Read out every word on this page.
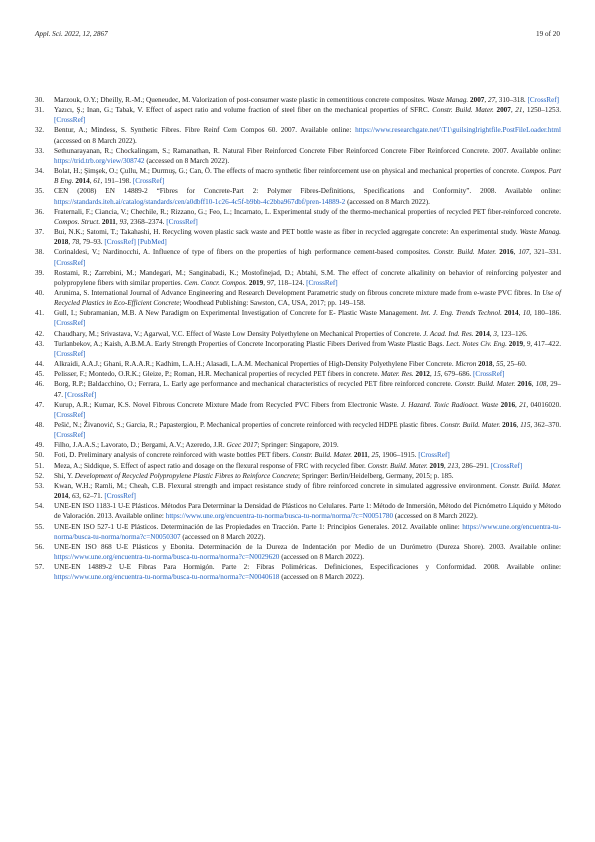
Appl. Sci. 2022, 12, 2867	19 of 20
30. Marzouk, O.Y.; Dheilly, R.-M.; Queneudec, M. Valorization of post-consumer waste plastic in cementitious concrete composites. Waste Manag. 2007, 27, 310–318. [CrossRef]
31. Yazıcı, Ş.; Inan, G.; Tabak, V. Effect of aspect ratio and volume fraction of steel fiber on the mechanical properties of SFRC. Constr. Build. Mater. 2007, 21, 1250–1253. [CrossRef]
32. Bentur, A.; Mindess, S. Synthetic Fibres. Fibre Reinf Cem Compos 60. 2007. Available online: https://www.researchgate.net/\T1\guilsinglrightfile.PostFileLoader.html (accessed on 8 March 2022).
33. Sethunarayanan, R.; Chockalingam, S.; Ramanathan, R. Natural Fiber Reinforced Concrete Fiber Reinforced Concrete Fiber Reinforced Concrete. 2007. Available online: https://trid.trb.org/view/308742 (accessed on 8 March 2022).
34. Bolat, H.; Şimşek, O.; Çullu, M.; Durmuş, G.; Can, Ö. The effects of macro synthetic fiber reinforcement use on physical and mechanical properties of concrete. Compos. Part B Eng. 2014, 61, 191–198. [CrossRef]
35. CEN (2008) EN 14889-2 “Fibres for Concrete-Part 2: Polymer Fibres-Definitions, Specifications and Conformity”. 2008. Available online: https://standards.iteh.ai/catalog/standards/cen/a0dbff10-1c26-4c5f-b9bb-4c2bba967dbf/pren-14889-2 (accessed on 8 March 2022).
36. Fraternali, F.; Ciancia, V.; Chechile, R.; Rizzano, G.; Feo, L.; Incarnato, L. Experimental study of the thermo-mechanical properties of recycled PET fiber-reinforced concrete. Compos. Struct. 2011, 93, 2368–2374. [CrossRef]
37. Bui, N.K.; Satomi, T.; Takahashi, H. Recycling woven plastic sack waste and PET bottle waste as fiber in recycled aggregate concrete: An experimental study. Waste Manag. 2018, 78, 79–93. [CrossRef] [PubMed]
38. Corinaldesi, V.; Nardinocchi, A. Influence of type of fibers on the properties of high performance cement-based composites. Constr. Build. Mater. 2016, 107, 321–331. [CrossRef]
39. Rostami, R.; Zarrebini, M.; Mandegari, M.; Sanginabadi, K.; Mostofinejad, D.; Abtahi, S.M. The effect of concrete alkalinity on behavior of reinforcing polyester and polypropylene fibers with similar properties. Cem. Concr. Compos. 2019, 97, 118–124. [CrossRef]
40. Arunima, S. International Journal of Advance Engineering and Research Development Parametric study on fibrous concrete mixture made from e-waste PVC fibres. In Use of Recycled Plastics in Eco-Efficient Concrete; Woodhead Publishing: Sawston, CA, USA, 2017; pp. 149–158.
41. Gull, I.; Subramanian, M.B. A New Paradigm on Experimental Investigation of Concrete for E- Plastic Waste Management. Int. J. Eng. Trends Technol. 2014, 10, 180–186. [CrossRef]
42. Chaudhary, M.; Srivastava, V.; Agarwal, V.C. Effect of Waste Low Density Polyethylene on Mechanical Properties of Concrete. J. Acad. Ind. Res. 2014, 3, 123–126.
43. Turlanbekov, A.; Kaish, A.B.M.A. Early Strength Properties of Concrete Incorporating Plastic Fibers Derived from Waste Plastic Bags. Lect. Notes Civ. Eng. 2019, 9, 417–422. [CrossRef]
44. Alkraidi, A.A.J.; Ghani, R.A.A.R.; Kadhim, L.A.H.; Alasadi, L.A.M. Mechanical Properties of High-Density Polyethylene Fiber Concrete. Micron 2018, 55, 25–60.
45. Pelisser, F.; Montedo, O.R.K.; Gleize, P.; Roman, H.R. Mechanical properties of recycled PET fibers in concrete. Mater. Res. 2012, 15, 679–686. [CrossRef]
46. Borg, R.P.; Baldacchino, O.; Ferrara, L. Early age performance and mechanical characteristics of recycled PET fibre reinforced concrete. Constr. Build. Mater. 2016, 108, 29–47. [CrossRef]
47. Kurup, A.R.; Kumar, K.S. Novel Fibrous Concrete Mixture Made from Recycled PVC Fibers from Electronic Waste. J. Hazard. Toxic Radioact. Waste 2016, 21, 04016020. [CrossRef]
48. Pešić, N.; Živanović, S.; Garcia, R.; Papastergiou, P. Mechanical properties of concrete reinforced with recycled HDPE plastic fibres. Constr. Build. Mater. 2016, 115, 362–370. [CrossRef]
49. Filho, J.A.A.S.; Lavorato, D.; Bergami, A.V.; Azeredo, J.R. Gcec 2017; Springer: Singapore, 2019.
50. Foti, D. Preliminary analysis of concrete reinforced with waste bottles PET fibers. Constr. Build. Mater. 2011, 25, 1906–1915. [CrossRef]
51. Meza, A.; Siddique, S. Effect of aspect ratio and dosage on the flexural response of FRC with recycled fiber. Constr. Build. Mater. 2019, 213, 286–291. [CrossRef]
52. Shi, Y. Development of Recycled Polypropylene Plastic Fibres to Reinforce Concrete; Springer: Berlin/Heidelberg, Germany, 2015; p. 185.
53. Kwan, W.H.; Ramli, M.; Cheah, C.B. Flexural strength and impact resistance study of fibre reinforced concrete in simulated aggressive environment. Constr. Build. Mater. 2014, 63, 62–71. [CrossRef]
54. UNE-EN ISO 1183-1 U-E Plásticos. Métodos Para Determinar la Densidad de Plásticos no Celulares. Parte 1: Método de Inmersión, Método del Picnómetro Líquido y Método de Valoración. 2013. Available online: https://www.une.org/encuentra-tu-norma/busca-tu-norma/norma/?c=N0051780 (accessed on 8 March 2022).
55. UNE-EN ISO 527-1 U-E Plásticos. Determinación de las Propiedades en Tracción. Parte 1: Principios Generales. 2012. Available online: https://www.une.org/encuentra-tu-norma/busca-tu-norma/norma?c=N0050307 (accessed on 8 March 2022).
56. UNE-EN ISO 868 U-E Plásticos y Ebonita. Determinación de la Dureza de Indentación por Medio de un Durómetro (Dureza Shore). 2003. Available online: https://www.une.org/encuentra-tu-norma/busca-tu-norma/norma?c=N0029620 (accessed on 8 March 2022).
57. UNE-EN 14889-2 U-E Fibras Para Hormigón. Parte 2: Fibras Poliméricas. Definiciones, Especificaciones y Conformidad. 2008. Available online: https://www.une.org/encuentra-tu-norma/busca-tu-norma/norma?c=N0040618 (accessed on 8 March 2022).
